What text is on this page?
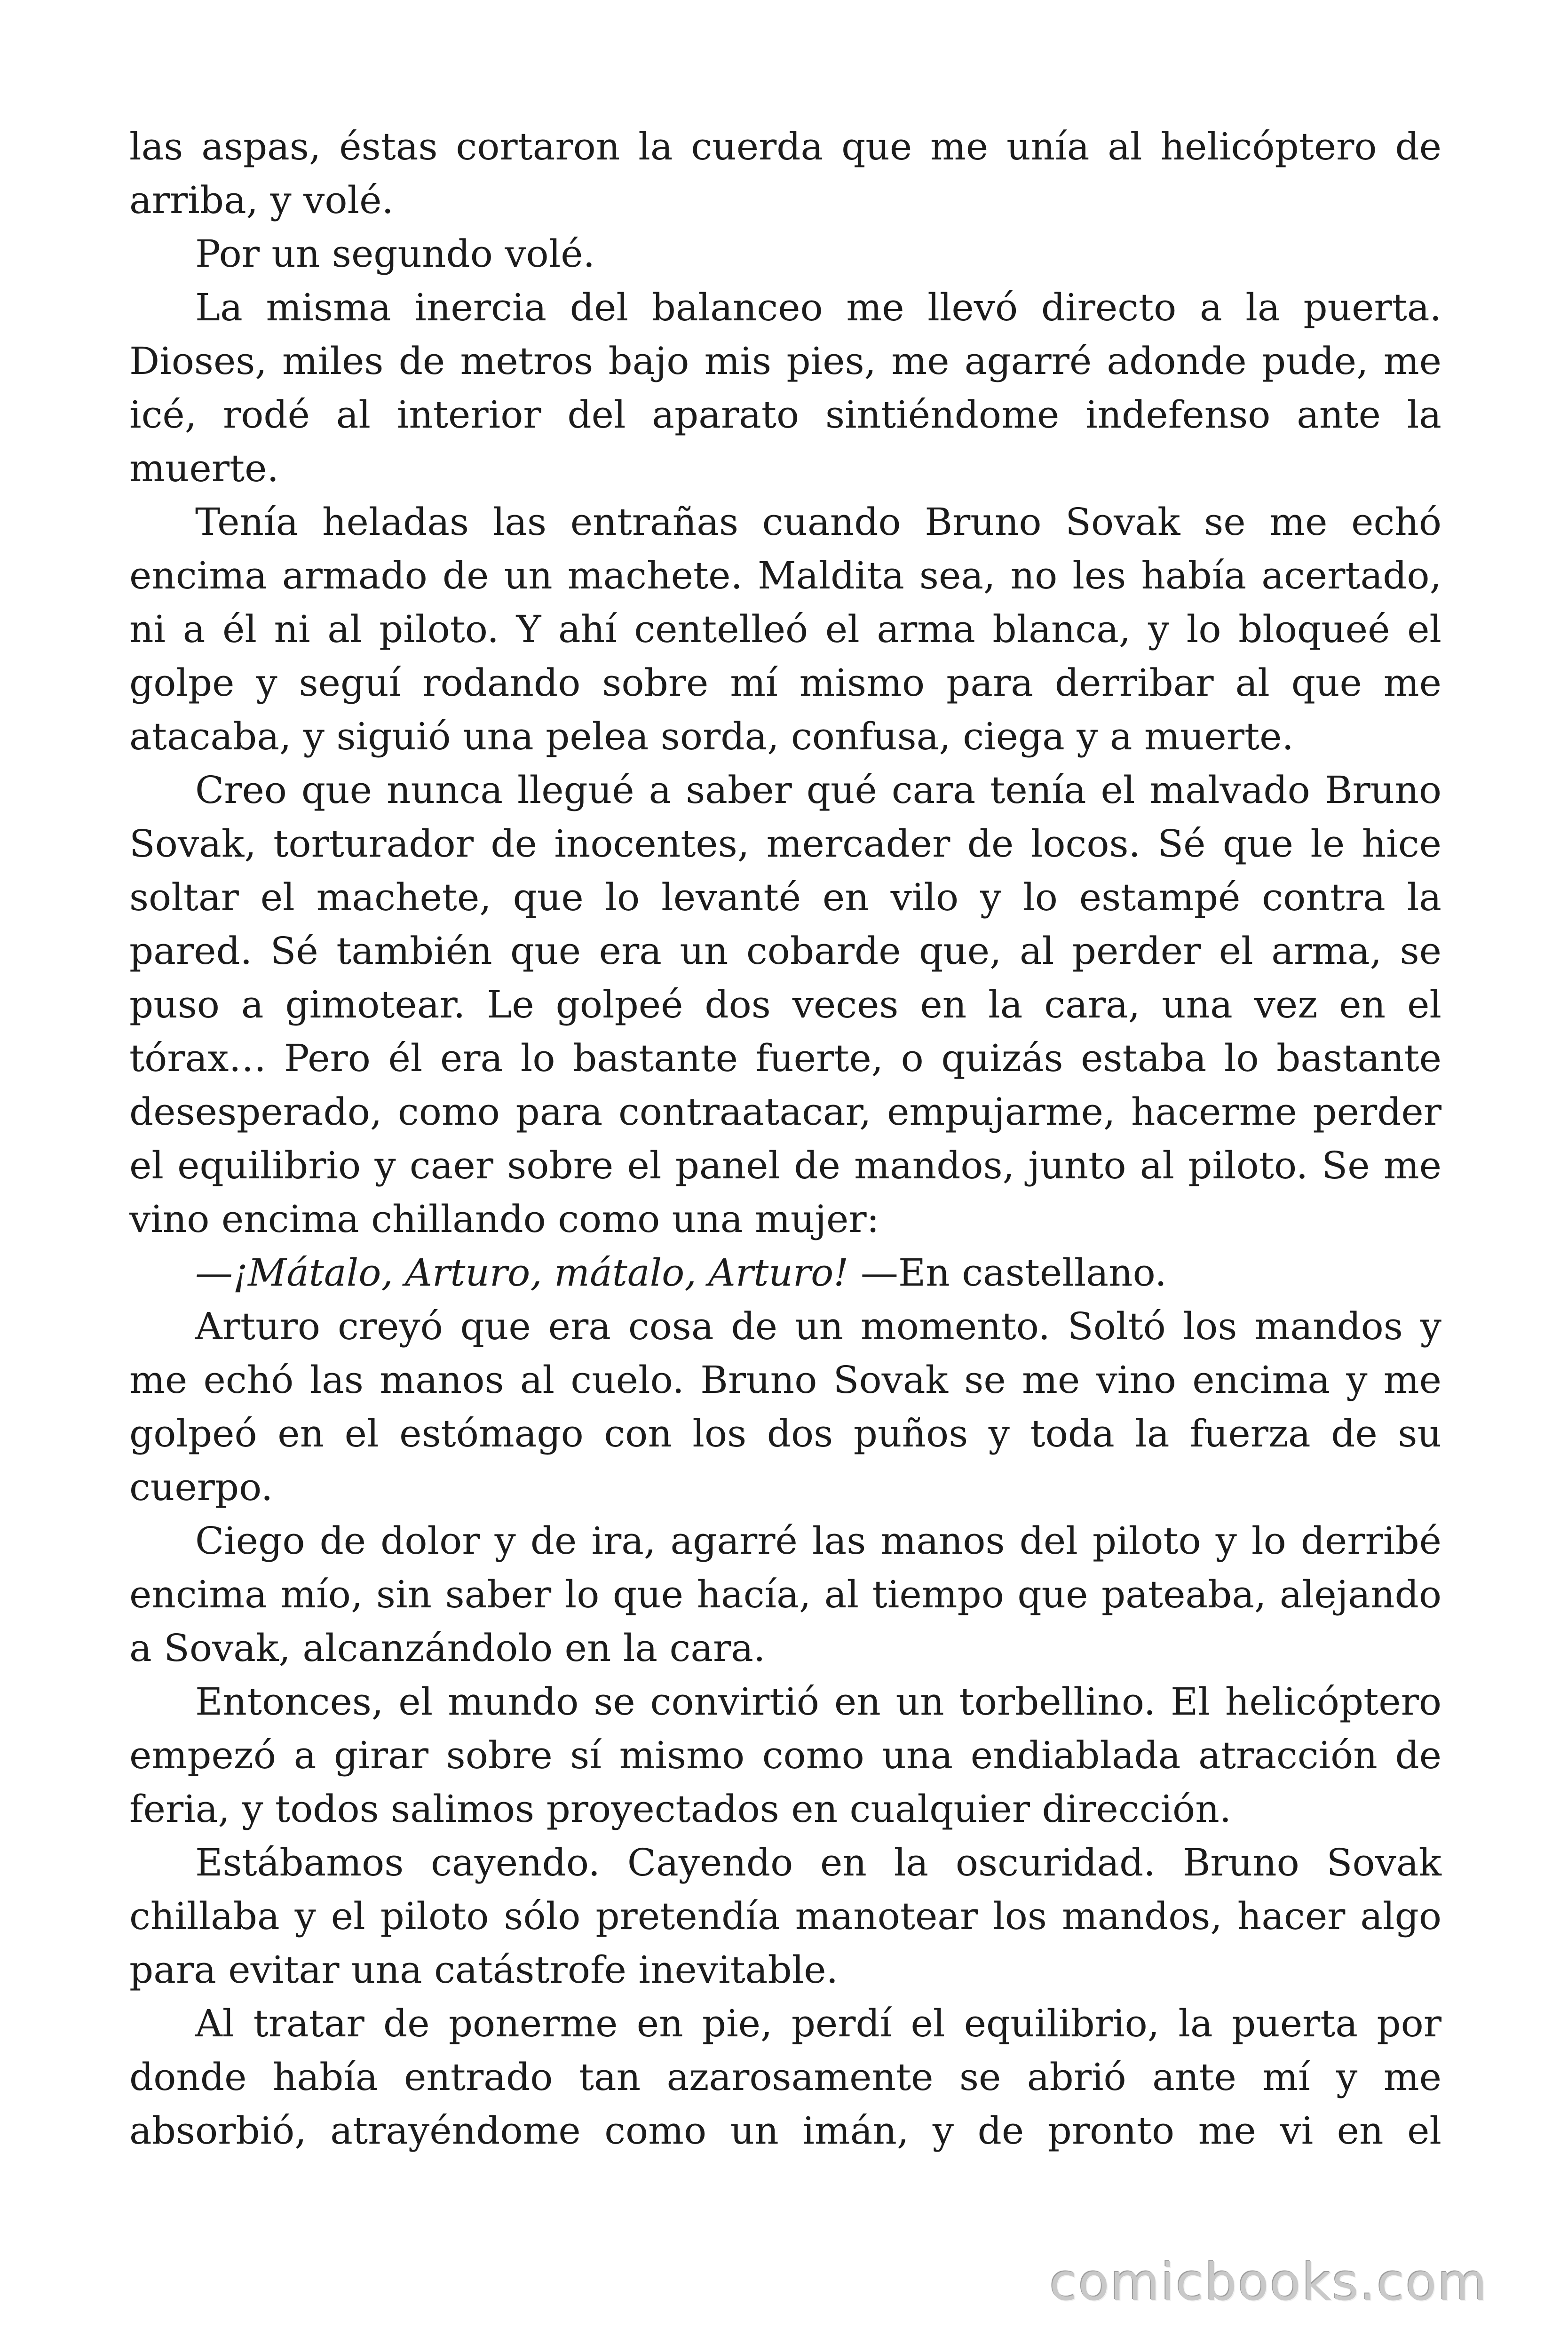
las aspas, éstas cortaron la cuerda que me unía al helicóptero de arriba, y volé.

Por un segundo volé.

La misma inercia del balanceo me llevó directo a la puerta. Dioses, miles de metros bajo mis pies, me agarré adonde pude, me icé, rodé al interior del aparato sintiéndome indefenso ante la muerte.

Tenía heladas las entrañas cuando Bruno Sovak se me echó encima armado de un machete. Maldita sea, no les había acertado, ni a él ni al piloto. Y ahí centelleó el arma blanca, y lo bloqueé el golpe y seguí rodando sobre mí mismo para derribar al que me atacaba, y siguió una pelea sorda, confusa, ciega y a muerte.

Creo que nunca llegué a saber qué cara tenía el malvado Bruno Sovak, torturador de inocentes, mercader de locos. Sé que le hice soltar el machete, que lo levanté en vilo y lo estampé contra la pared. Sé también que era un cobarde que, al perder el arma, se puso a gimotear. Le golpeé dos veces en la cara, una vez en el tórax… Pero él era lo bastante fuerte, o quizás estaba lo bastante desesperado, como para contraatacar, empujarme, hacerme perder el equilibrio y caer sobre el panel de mandos, junto al piloto. Se me vino encima chillando como una mujer:

—¡Mátalo, Arturo, mátalo, Arturo! —En castellano.

Arturo creyó que era cosa de un momento. Soltó los mandos y me echó las manos al cuelo. Bruno Sovak se me vino encima y me golpeó en el estómago con los dos puños y toda la fuerza de su cuerpo.

Ciego de dolor y de ira, agarré las manos del piloto y lo derribé encima mío, sin saber lo que hacía, al tiempo que pateaba, alejando a Sovak, alcanzándolo en la cara.

Entonces, el mundo se convirtió en un torbellino. El helicóptero empezó a girar sobre sí mismo como una endiablada atracción de feria, y todos salimos proyectados en cualquier dirección.

Estábamos cayendo. Cayendo en la oscuridad. Bruno Sovak chillaba y el piloto sólo pretendía manotear los mandos, hacer algo para evitar una catástrofe inevitable.

Al tratar de ponerme en pie, perdí el equilibrio, la puerta por donde había entrado tan azarosamente se abrió ante mí y me absorbió, atrayéndome como un imán, y de pronto me vi en el

comicbooks.com
